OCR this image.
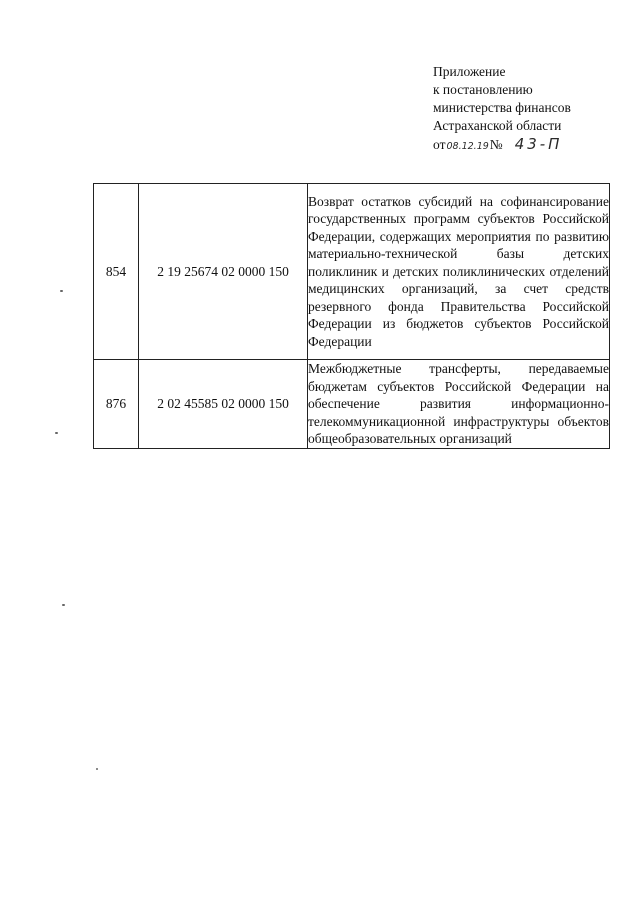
Приложение
к постановлению
министерства финансов
Астраханской области
от08.12.19№ 43-П
854	2 19 25674 02 0000 150	Возврат остатков субсидий на софинансирование государственных программ субъектов Российской Федерации, содержащих мероприятия по развитию материально-технической базы детских поликлиник и детских поликлинических отделений медицинских организаций, за счет средств резервного фонда Правительства Российской Федерации из бюджетов субъектов Российской Федерации
876	2 02 45585 02 0000 150	Межбюджетные трансферты, передаваемые бюджетам субъектов Российской Федерации на обеспечение развития информационно-телекоммуникационной инфраструктуры объектов общеобразовательных организаций
